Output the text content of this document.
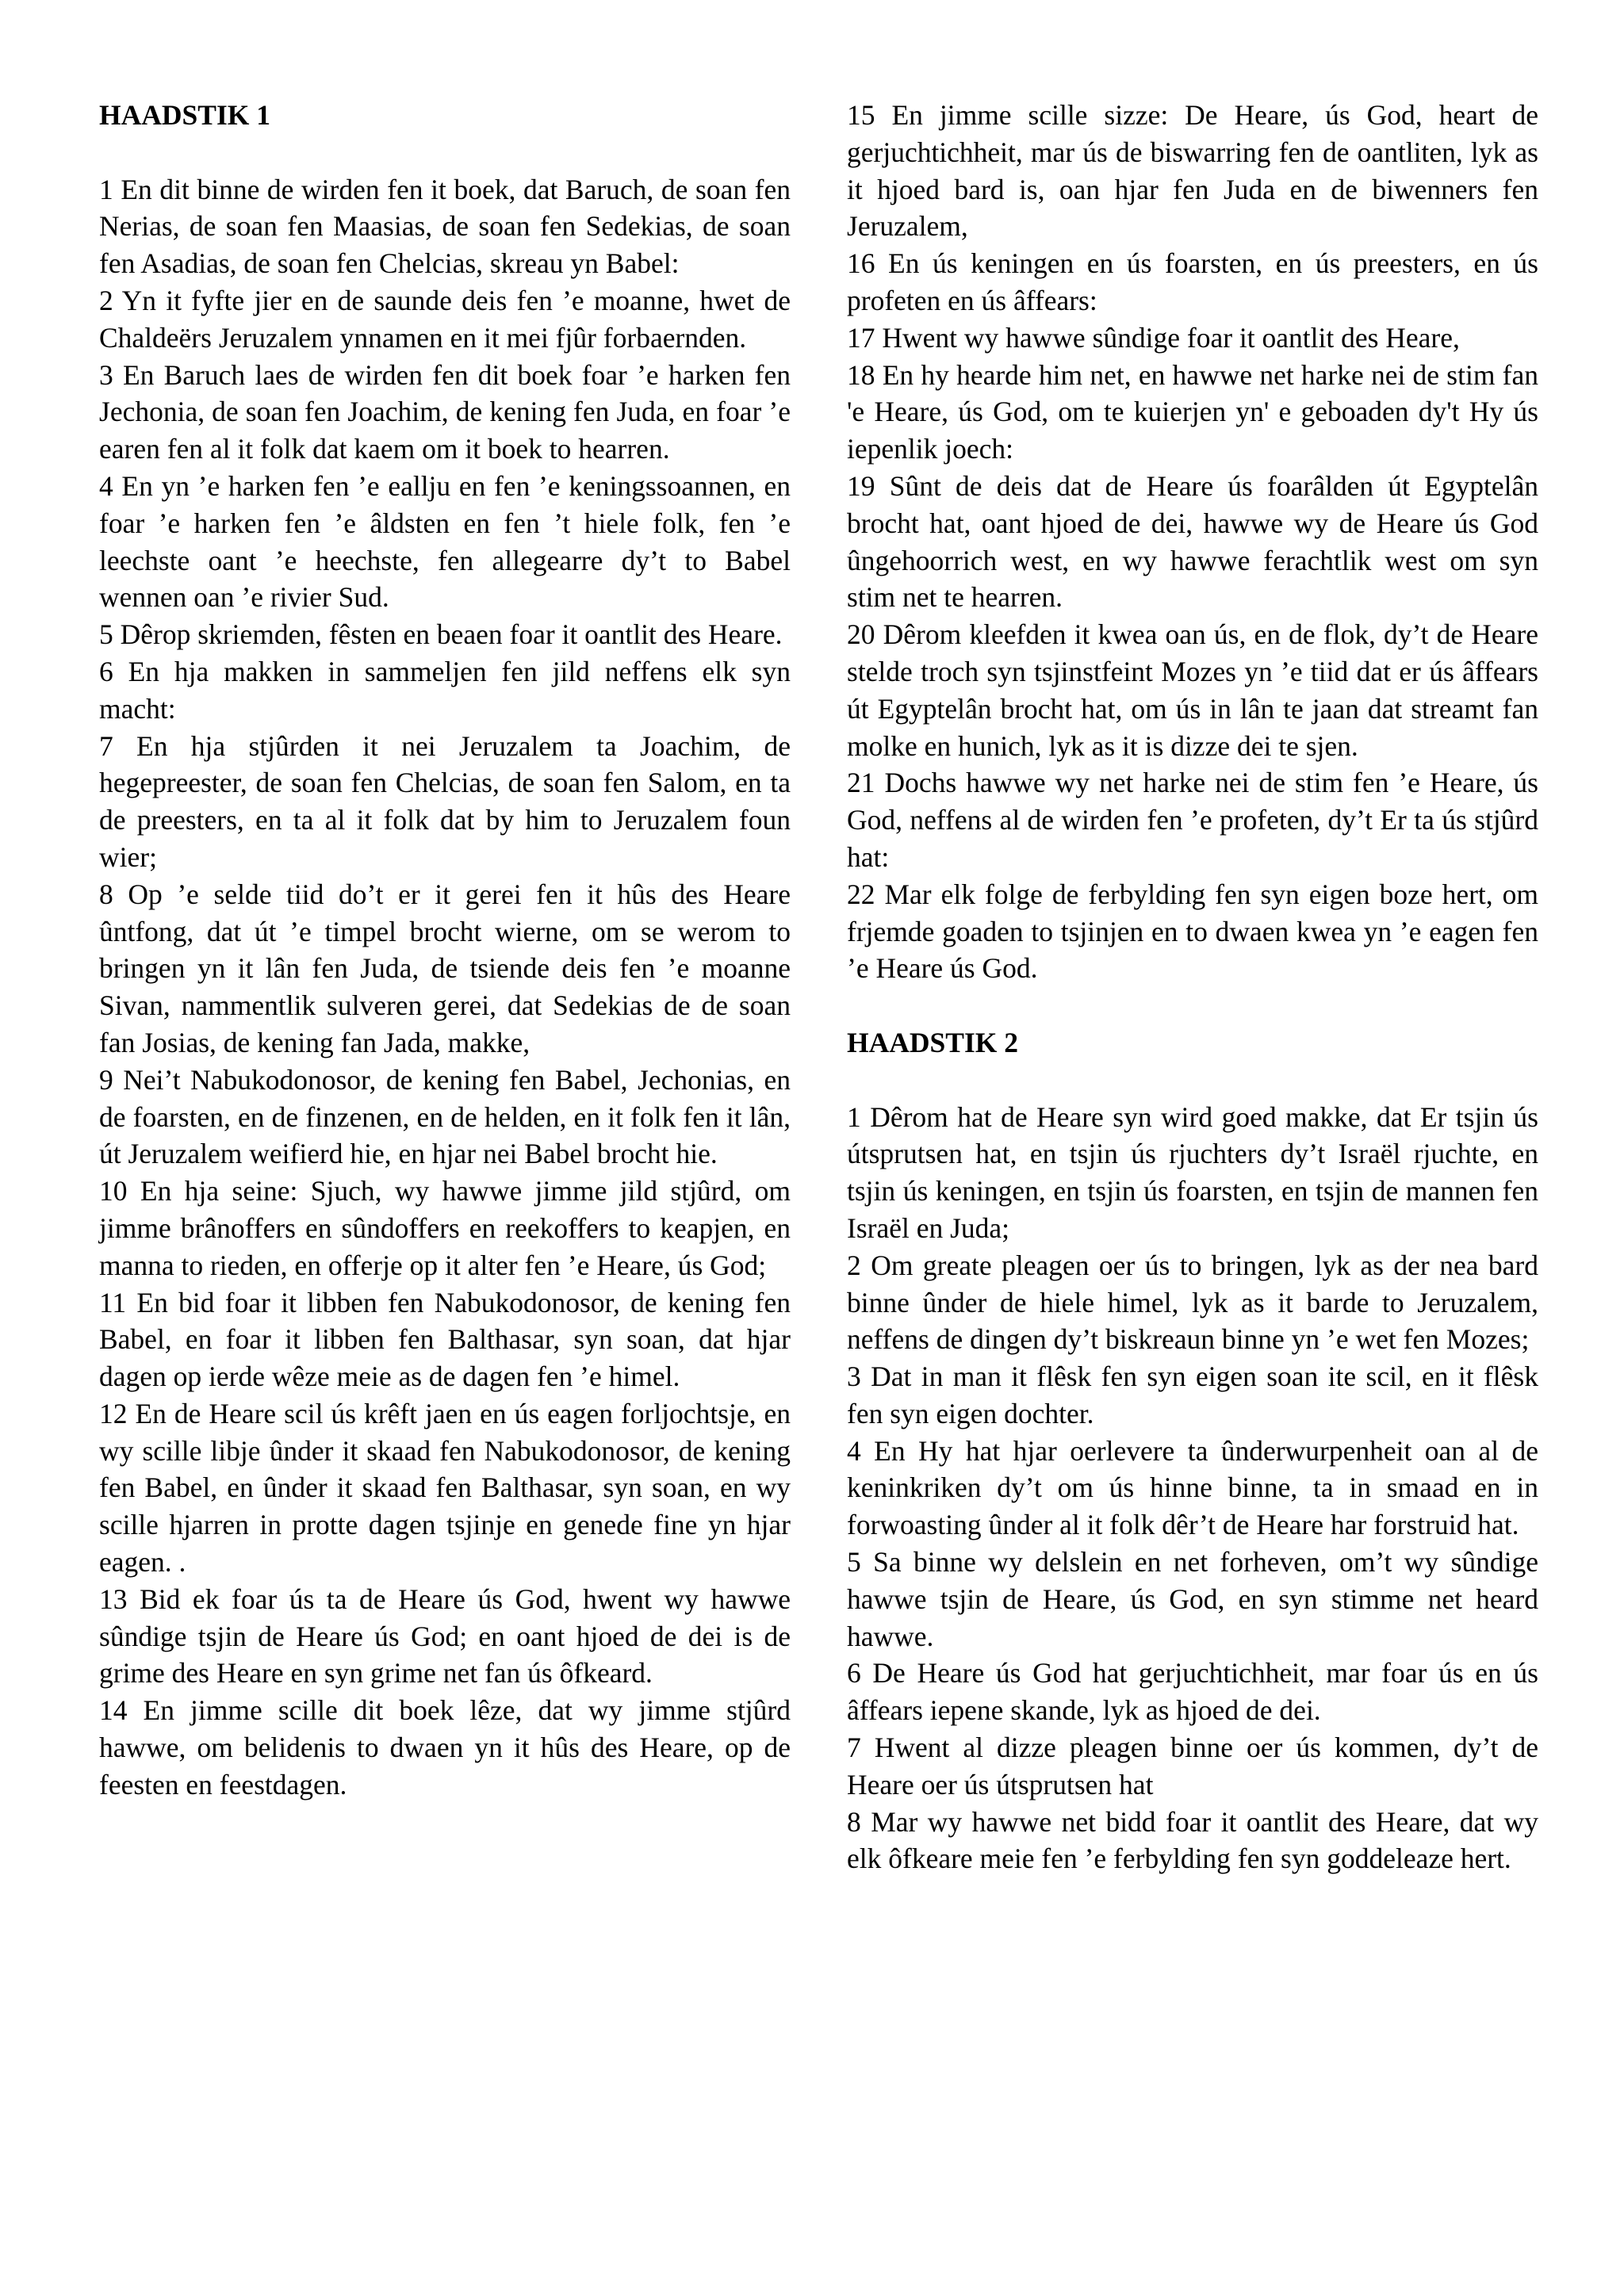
HAADSTIK 1

1 En dit binne de wirden fen it boek, dat Baruch, de soan fen Nerias, de soan fen Maasias, de soan fen Sedekias, de soan fen Asadias, de soan fen Chelcias, skreau yn Babel:

2 Yn it fyfte jier en de saunde deis fen ’e moanne, hwet de Chaldeërs Jeruzalem ynnamen en it mei fjûr forbaernden.

3 En Baruch laes de wirden fen dit boek foar ’e harken fen Jechonia, de soan fen Joachim, de kening fen Juda, en foar ’e earen fen al it folk dat kaem om it boek to hearren.

4 En yn ’e harken fen ’e eallju en fen ’e keningssoannen, en foar ’e harken fen ’e âldsten en fen ’t hiele folk, fen ’e leechste oant ’e heechste, fen allegearre dy’t to Babel wennen oan ’e rivier Sud.

5 Dêrop skriemden, fêsten en beaen foar it oantlit des Heare.

6 En hja makken in sammeljen fen jild neffens elk syn macht:

7 En hja stjûrden it nei Jeruzalem ta Joachim, de hegepreester, de soan fen Chelcias, de soan fen Salom, en ta de preesters, en ta al it folk dat by him to Jeruzalem foun wier;

8 Op ’e selde tiid do’t er it gerei fen it hûs des Heare ûntfong, dat út ’e timpel brocht wierne, om se werom to bringen yn it lân fen Juda, de tsiende deis fen ’e moanne Sivan, nammentlik sulveren gerei, dat Sedekias de de soan fan Josias, de kening fan Jada, makke,

9 Nei’t Nabukodonosor, de kening fen Babel, Jechonias, en de foarsten, en de finzenen, en de helden, en it folk fen it lân, út Jeruzalem weifierd hie, en hjar nei Babel brocht hie.

10 En hja seine: Sjuch, wy hawwe jimme jild stjûrd, om jimme brânoffers en sûndoffers en reekoffers to keapjen, en manna to rieden, en offerje op it alter fen ’e Heare, ús God;

11 En bid foar it libben fen Nabukodonosor, de kening fen Babel, en foar it libben fen Balthasar, syn soan, dat hjar dagen op ierde wêze meie as de dagen fen ’e himel.

12 En de Heare scil ús krêft jaen en ús eagen forljochtsje, en wy scille libje ûnder it skaad fen Nabukodonosor, de kening fen Babel, en ûnder it skaad fen Balthasar, syn soan, en wy scille hjarren in protte dagen tsjinje en genede fine yn hjar eagen. .

13 Bid ek foar ús ta de Heare ús God, hwent wy hawwe sûndige tsjin de Heare ús God; en oant hjoed de dei is de grime des Heare en syn grime net fan ús ôfkeard.

14 En jimme scille dit boek lêze, dat wy jimme stjûrd hawwe, om belidenis to dwaen yn it hûs des Heare, op de feesten en feestdagen.

15 En jimme scille sizze: De Heare, ús God, heart de gerjuchtichheit, mar ús de biswarring fen de oantliten, lyk as it hjoed bard is, oan hjar fen Juda en de biwenners fen Jeruzalem,

16 En ús keningen en ús foarsten, en ús preesters, en ús profeten en ús âffears:

17 Hwent wy hawwe sûndige foar it oantlit des Heare,

18 En hy hearde him net, en hawwe net harke nei de stim fan 'e Heare, ús God, om te kuierjen yn' e geboaden dy't Hy ús iepenlik joech:

19 Sûnt de deis dat de Heare ús foarâlden út Egyptelân brocht hat, oant hjoed de dei, hawwe wy de Heare ús God ûngehoorrich west, en wy hawwe ferachtlik west om syn stim net te hearren.

20 Dêrom kleefden it kwea oan ús, en de flok, dy’t de Heare stelde troch syn tsjinstfeint Mozes yn ’e tiid dat er ús âffears út Egyptelân brocht hat, om ús in lân te jaan dat streamt fan molke en hunich, lyk as it is dizze dei te sjen.

21 Dochs hawwe wy net harke nei de stim fen ’e Heare, ús God, neffens al de wirden fen ’e profeten, dy’t Er ta ús stjûrd hat:

22 Mar elk folge de ferbylding fen syn eigen boze hert, om frjemde goaden to tsjinjen en to dwaen kwea yn ’e eagen fen ’e Heare ús God.

HAADSTIK 2

1 Dêrom hat de Heare syn wird goed makke, dat Er tsjin ús útsprutsen hat, en tsjin ús rjuchters dy’t Israël rjuchte, en tsjin ús keningen, en tsjin ús foarsten, en tsjin de mannen fen Israël en Juda;

2 Om greate pleagen oer ús to bringen, lyk as der nea bard binne ûnder de hiele himel, lyk as it barde to Jeruzalem, neffens de dingen dy’t biskreaun binne yn ’e wet fen Mozes;

3 Dat in man it flêsk fen syn eigen soan ite scil, en it flêsk fen syn eigen dochter.

4 En Hy hat hjar oerlevere ta ûnderwurpenheit oan al de keninkriken dy’t om ús hinne binne, ta in smaad en in forwoasting ûnder al it folk dêr’t de Heare har forstruid hat.

5 Sa binne wy delslein en net forheven, om’t wy sûndige hawwe tsjin de Heare, ús God, en syn stimme net heard hawwe.

6 De Heare ús God hat gerjuchtichheit, mar foar ús en ús âffears iepene skande, lyk as hjoed de dei.

7 Hwent al dizze pleagen binne oer ús kommen, dy’t de Heare oer ús útsprutsen hat

8 Mar wy hawwe net bidd foar it oantlit des Heare, dat wy elk ôfkeare meie fen ’e ferbylding fen syn goddeleaze hert.
